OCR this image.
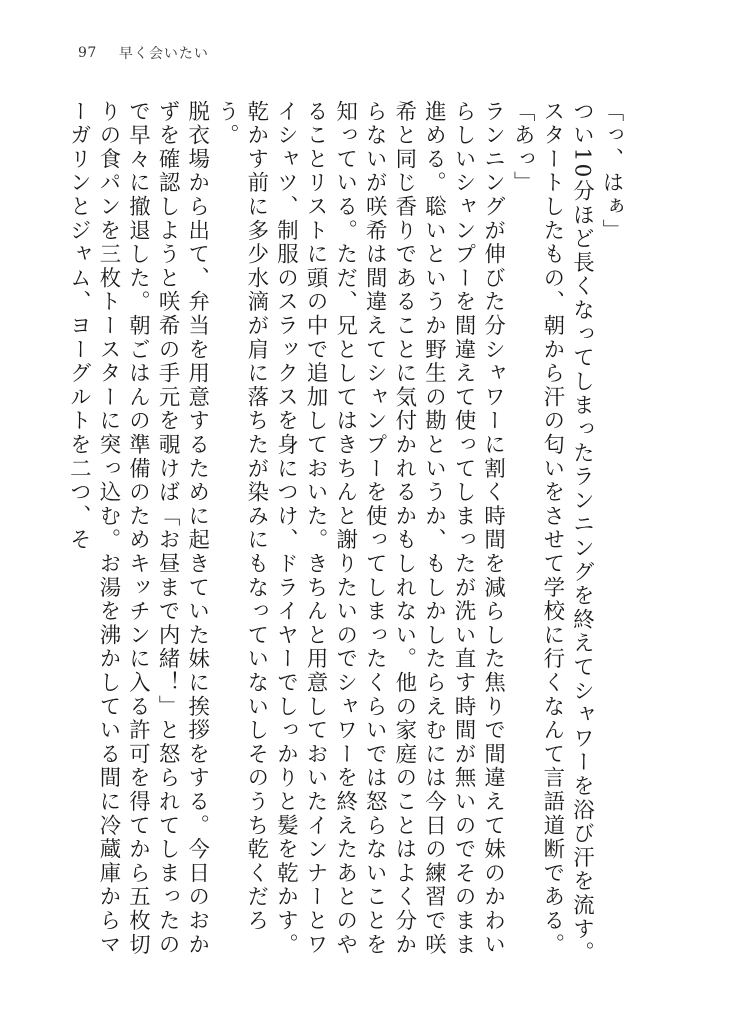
97 早く会いたい

「っ、はぁ」

つい10分ほど長くなってしまったランニングを終えてシャワーを浴び汗を流す。スタートしたもの、朝から汗の匂いをさせて学校に行くなんて言語道断である。

「あっ」

ランニングが伸びた分シャワーに割く時間を減らした焦りで間違えて妹のかわいらしいシャンプーを間違えて使ってしまったが洗い直す時間が無いのでそのまま進める。聡いというか野生の勘というか、もしかしたらえむには今日の練習で咲希と同じ香りであることに気付かれるかもしれない。他の家庭のことはよく分からないが咲希は間違えてシャンプーを使ってしまったくらいでは怒らないことを知っている。ただ、兄としてはきちんと謝りたいのでシャワーを終えたあとのやることリストに頭の中で追加しておいた。きちんと用意しておいたインナーとワイシャツ、制服のスラックスを身につけ、ドライヤーでしっかりと髪を乾かす。乾かす前に多少水滴が肩に落ちたが染みにもなっていないしそのうち乾くだろう。

脱衣場から出て、弁当を用意するために起きていた妹に挨拶をする。今日のおかずを確認しようと咲希の手元を覗けば「お昼まで内緒！」と怒られてしまったので早々に撤退した。朝ごはんの準備のためキッチンに入る許可を得てから五枚切りの食パンを三枚トースターに突っ込む。お湯を沸かしている間に冷蔵庫からマーガリンとジャム、ヨーグルトを二つ、そ
